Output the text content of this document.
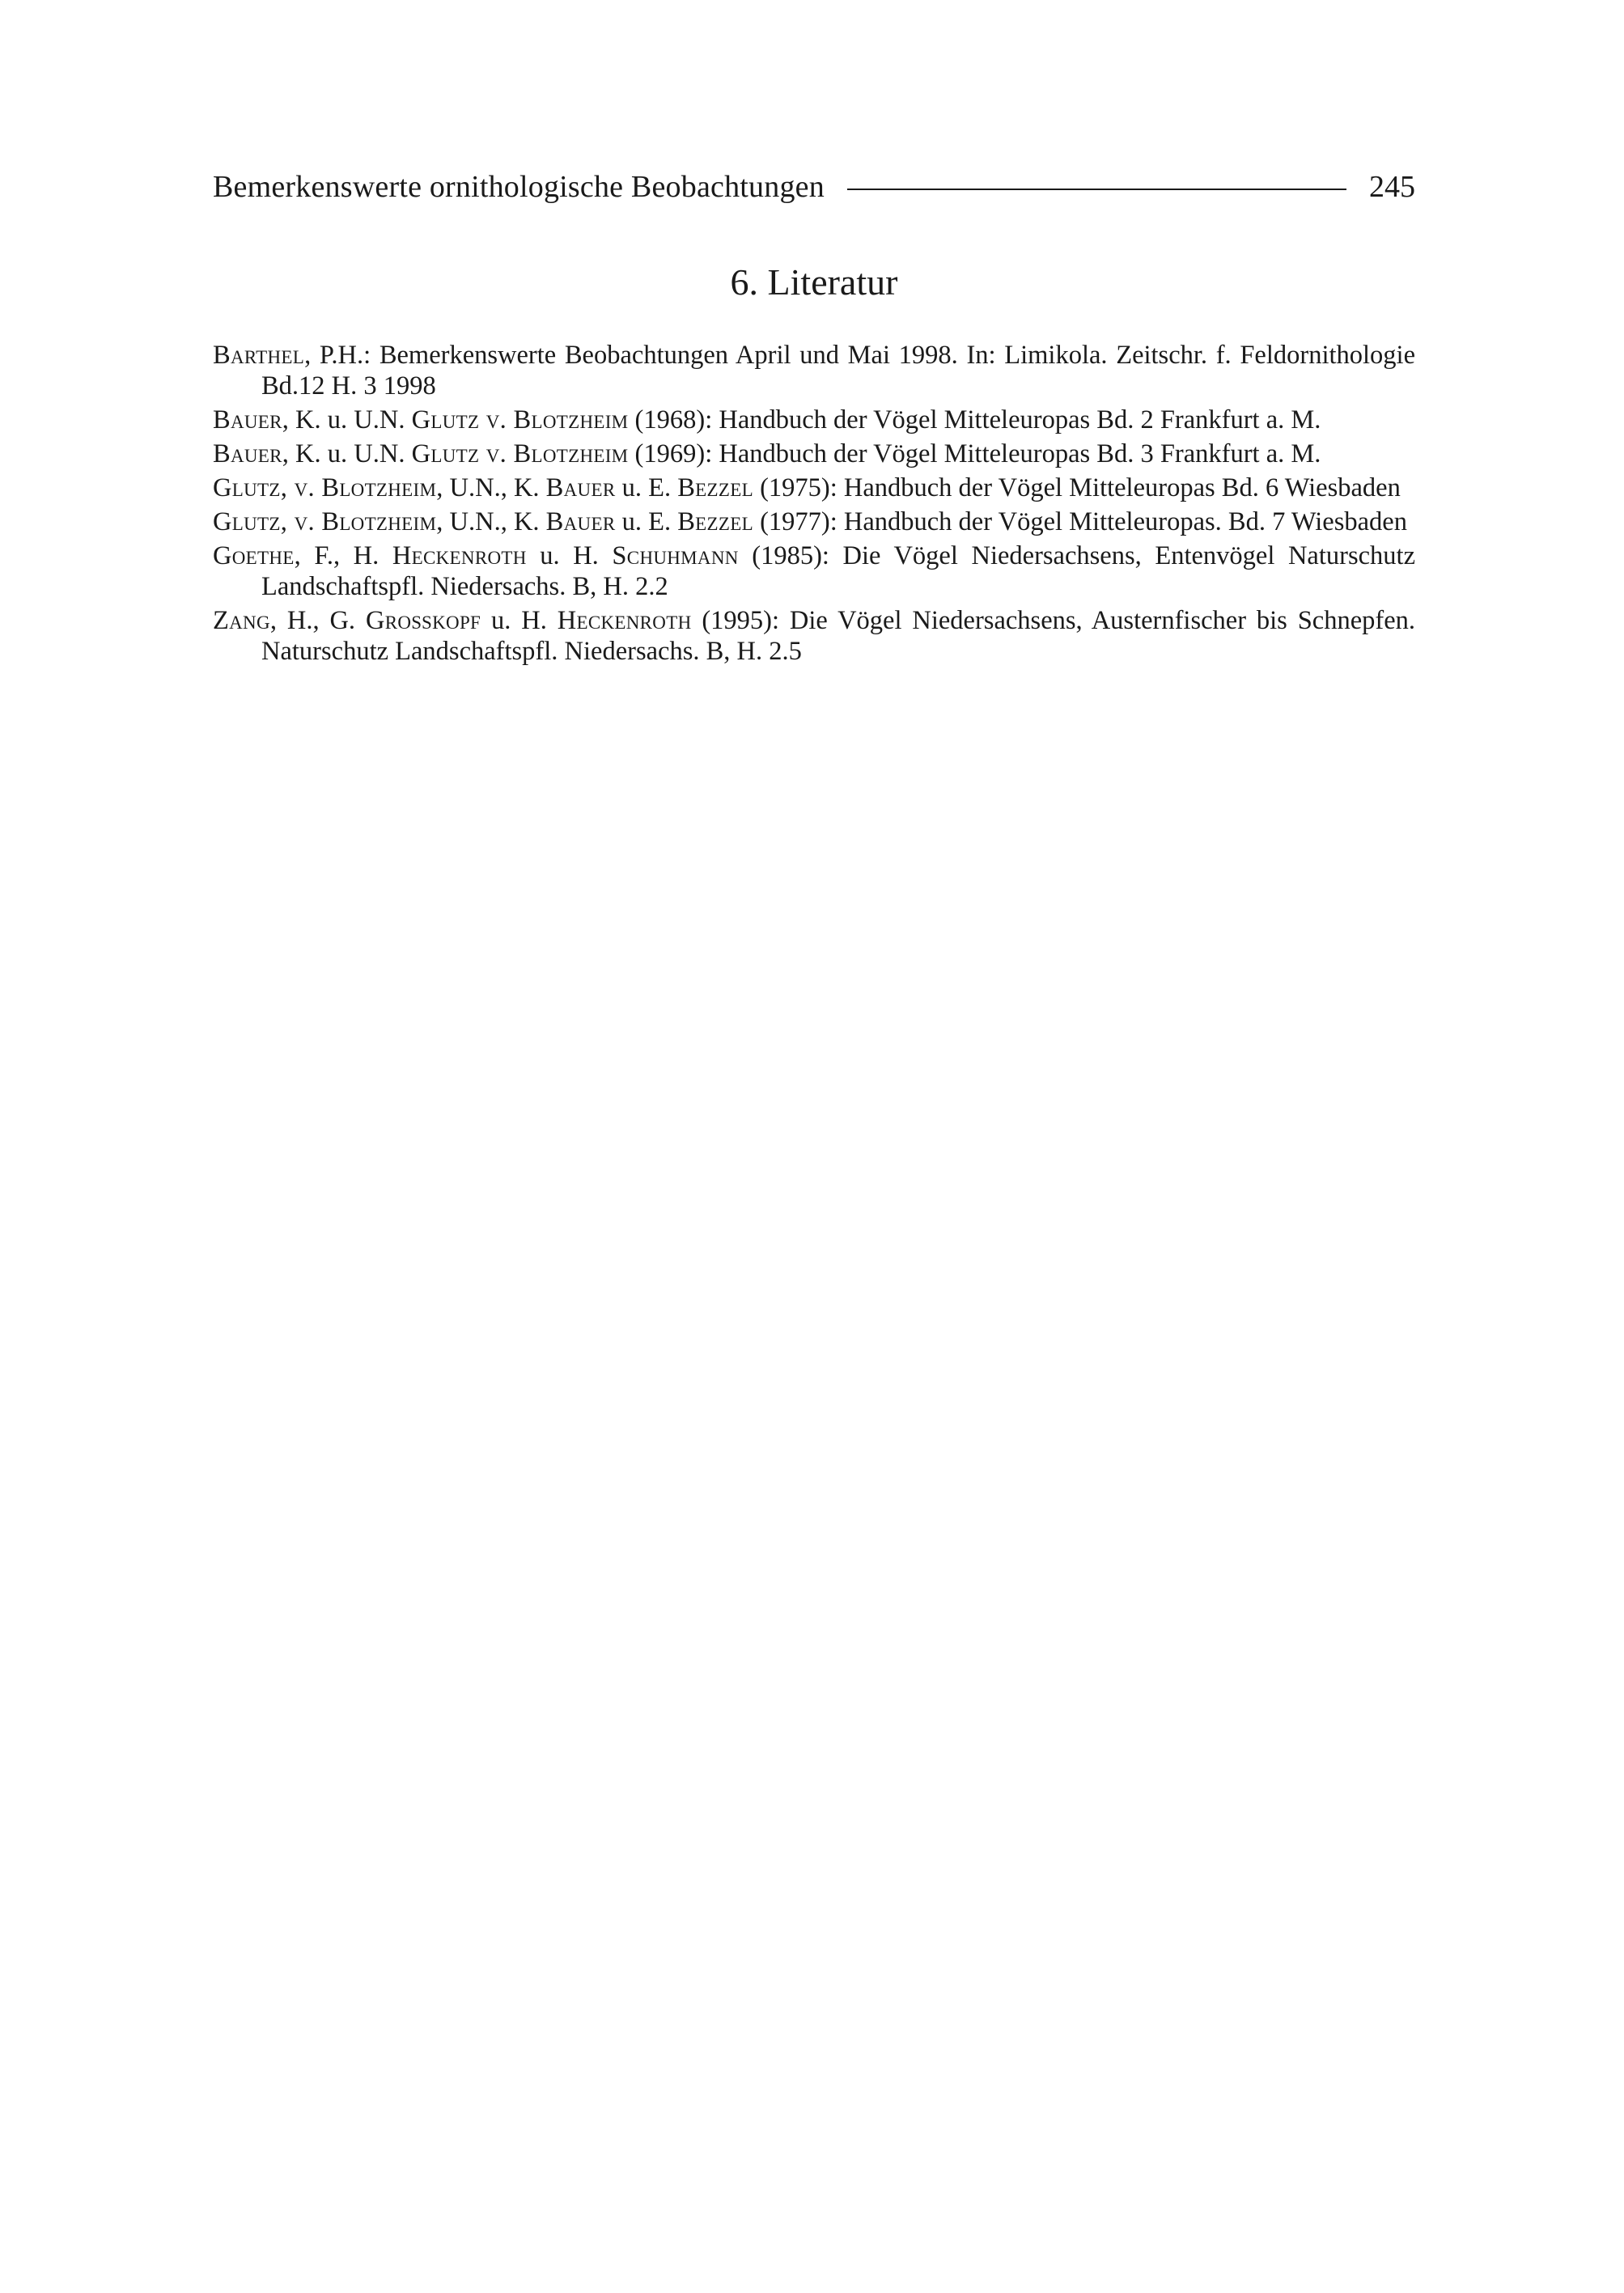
Bemerkenswerte ornithologische Beobachtungen	245
6. Literatur
Barthel, P.H.: Bemerkenswerte Beobachtungen April und Mai 1998. In: Limikola. Zeitschr. f. Feldornithologie Bd.12 H. 3 1998
Bauer, K. u. U.N. Glutz v. Blotzheim (1968): Handbuch der Vögel Mitteleuropas Bd. 2 Frankfurt a. M.
Bauer, K. u. U.N. Glutz v. Blotzheim (1969): Handbuch der Vögel Mitteleuropas Bd. 3 Frankfurt a. M.
Glutz, v. Blotzheim, U.N., K. Bauer u. E. Bezzel (1975): Handbuch der Vögel Mitteleuropas Bd. 6 Wiesbaden
Glutz, v. Blotzheim, U.N., K. Bauer u. E. Bezzel (1977): Handbuch der Vögel Mitteleuropas. Bd. 7 Wiesbaden
Goethe, F., H. Heckenroth u. H. Schuhmann (1985): Die Vögel Niedersachsens, Entenvögel Naturschutz Landschaftspfl. Niedersachs. B, H. 2.2
Zang, H., G. Großkopf u. H. Heckenroth (1995): Die Vögel Niedersachsens, Austernfischer bis Schnepfen. Naturschutz Landschaftspfl. Niedersachs. B, H. 2.5
